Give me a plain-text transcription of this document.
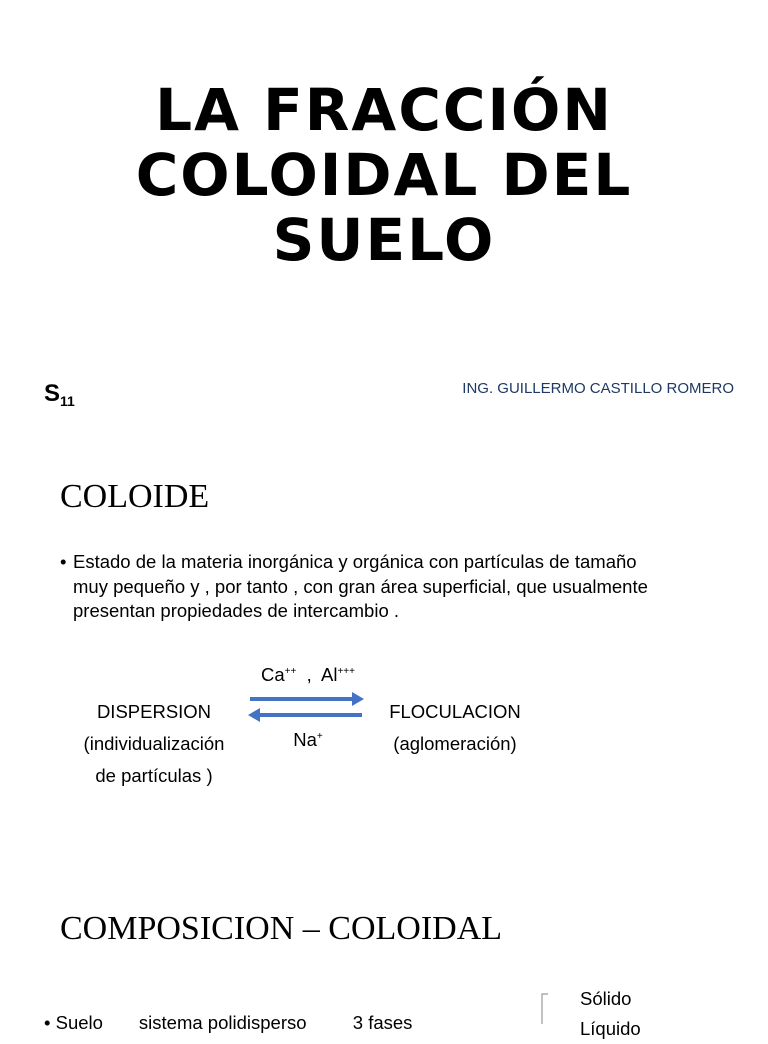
LA FRACCIÓN
COLOIDAL DEL
SUELO
$S_{11}$
ING. GUILLERMO CASTILLO ROMERO
COLOIDE
• Estado de la materia inorgánica y orgánica con partículas de tamaño
muy pequeño y , por tanto , con gran área superficial, que usualmente
presentan propiedades de intercambio .
DISPERSION
(individualización
de partículas )
FLOCULACION
(aglomeración)
Ca++ , Al+++
Na+
COMPOSICION – COLOIDAL
• Suelo       sistema polidisperso         3 fases
Sólido
Líquido
